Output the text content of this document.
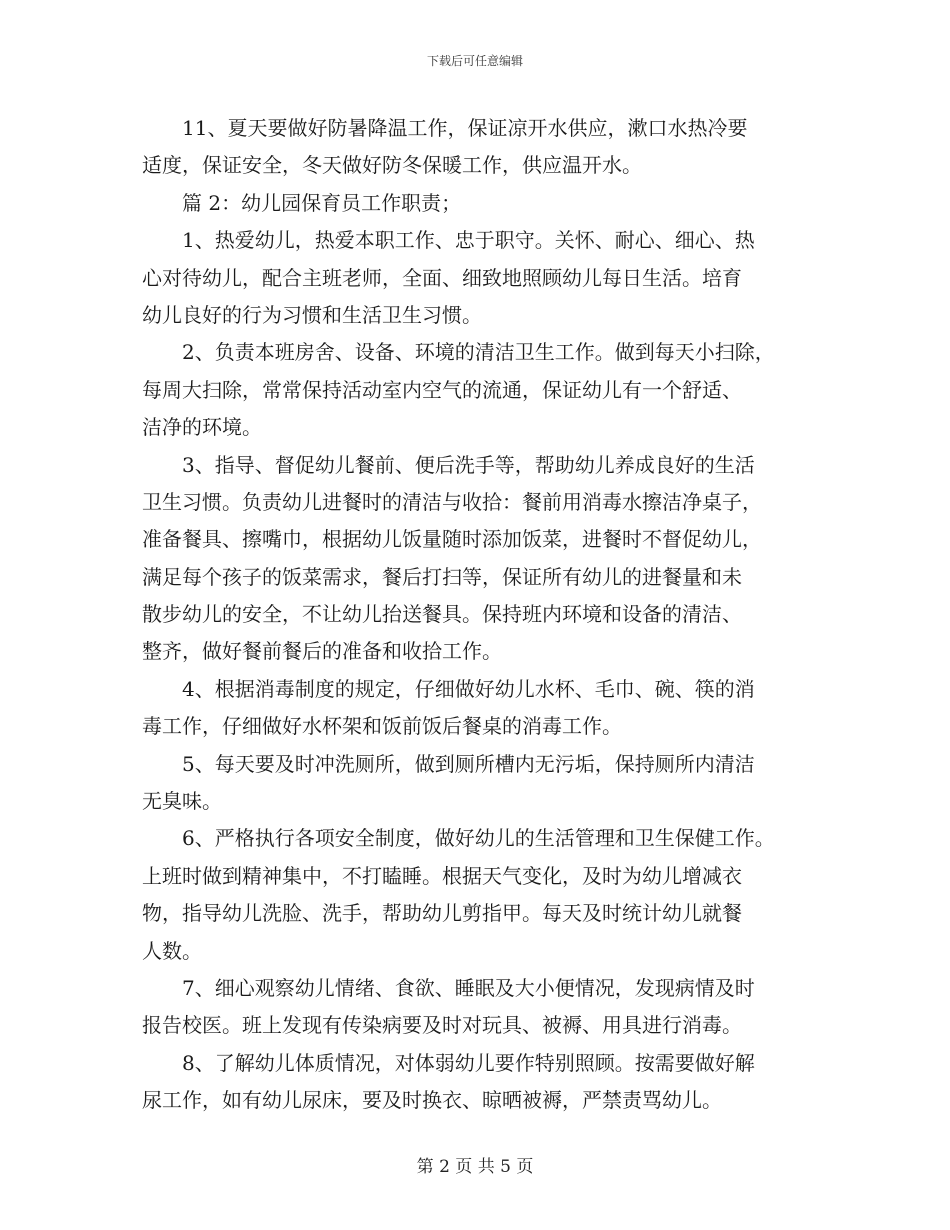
下载后可任意编辑
11、夏天要做好防暑降温工作，保证凉开水供应，漱口水热冷要
适度，保证安全，冬天做好防冬保暖工作，供应温开水。
篇 2：幼儿园保育员工作职责；
1、热爱幼儿，热爱本职工作、忠于职守。关怀、耐心、细心、热
心对待幼儿，配合主班老师，全面、细致地照顾幼儿每日生活。培育
幼儿良好的行为习惯和生活卫生习惯。
2、负责本班房舍、设备、环境的清洁卫生工作。做到每天小扫除，
每周大扫除，常常保持活动室内空气的流通，保证幼儿有一个舒适、
洁净的环境。
3、指导、督促幼儿餐前、便后洗手等，帮助幼儿养成良好的生活
卫生习惯。负责幼儿进餐时的清洁与收拾：餐前用消毒水擦洁净桌子，
准备餐具、擦嘴巾，根据幼儿饭量随时添加饭菜，进餐时不督促幼儿，
满足每个孩子的饭菜需求，餐后打扫等，保证所有幼儿的进餐量和未
散步幼儿的安全，不让幼儿抬送餐具。保持班内环境和设备的清洁、
整齐，做好餐前餐后的准备和收拾工作。
4、根据消毒制度的规定，仔细做好幼儿水杯、毛巾、碗、筷的消
毒工作，仔细做好水杯架和饭前饭后餐桌的消毒工作。
5、每天要及时冲洗厕所，做到厕所槽内无污垢，保持厕所内清洁
无臭味。
6、严格执行各项安全制度，做好幼儿的生活管理和卫生保健工作。
上班时做到精神集中，不打瞌睡。根据天气变化，及时为幼儿增减衣
物，指导幼儿洗脸、洗手，帮助幼儿剪指甲。每天及时统计幼儿就餐
人数。
7、细心观察幼儿情绪、食欲、睡眠及大小便情况，发现病情及时
报告校医。班上发现有传染病要及时对玩具、被褥、用具进行消毒。
8、了解幼儿体质情况，对体弱幼儿要作特别照顾。按需要做好解
尿工作，如有幼儿尿床，要及时换衣、晾晒被褥，严禁责骂幼儿。
第 2 页 共 5 页
